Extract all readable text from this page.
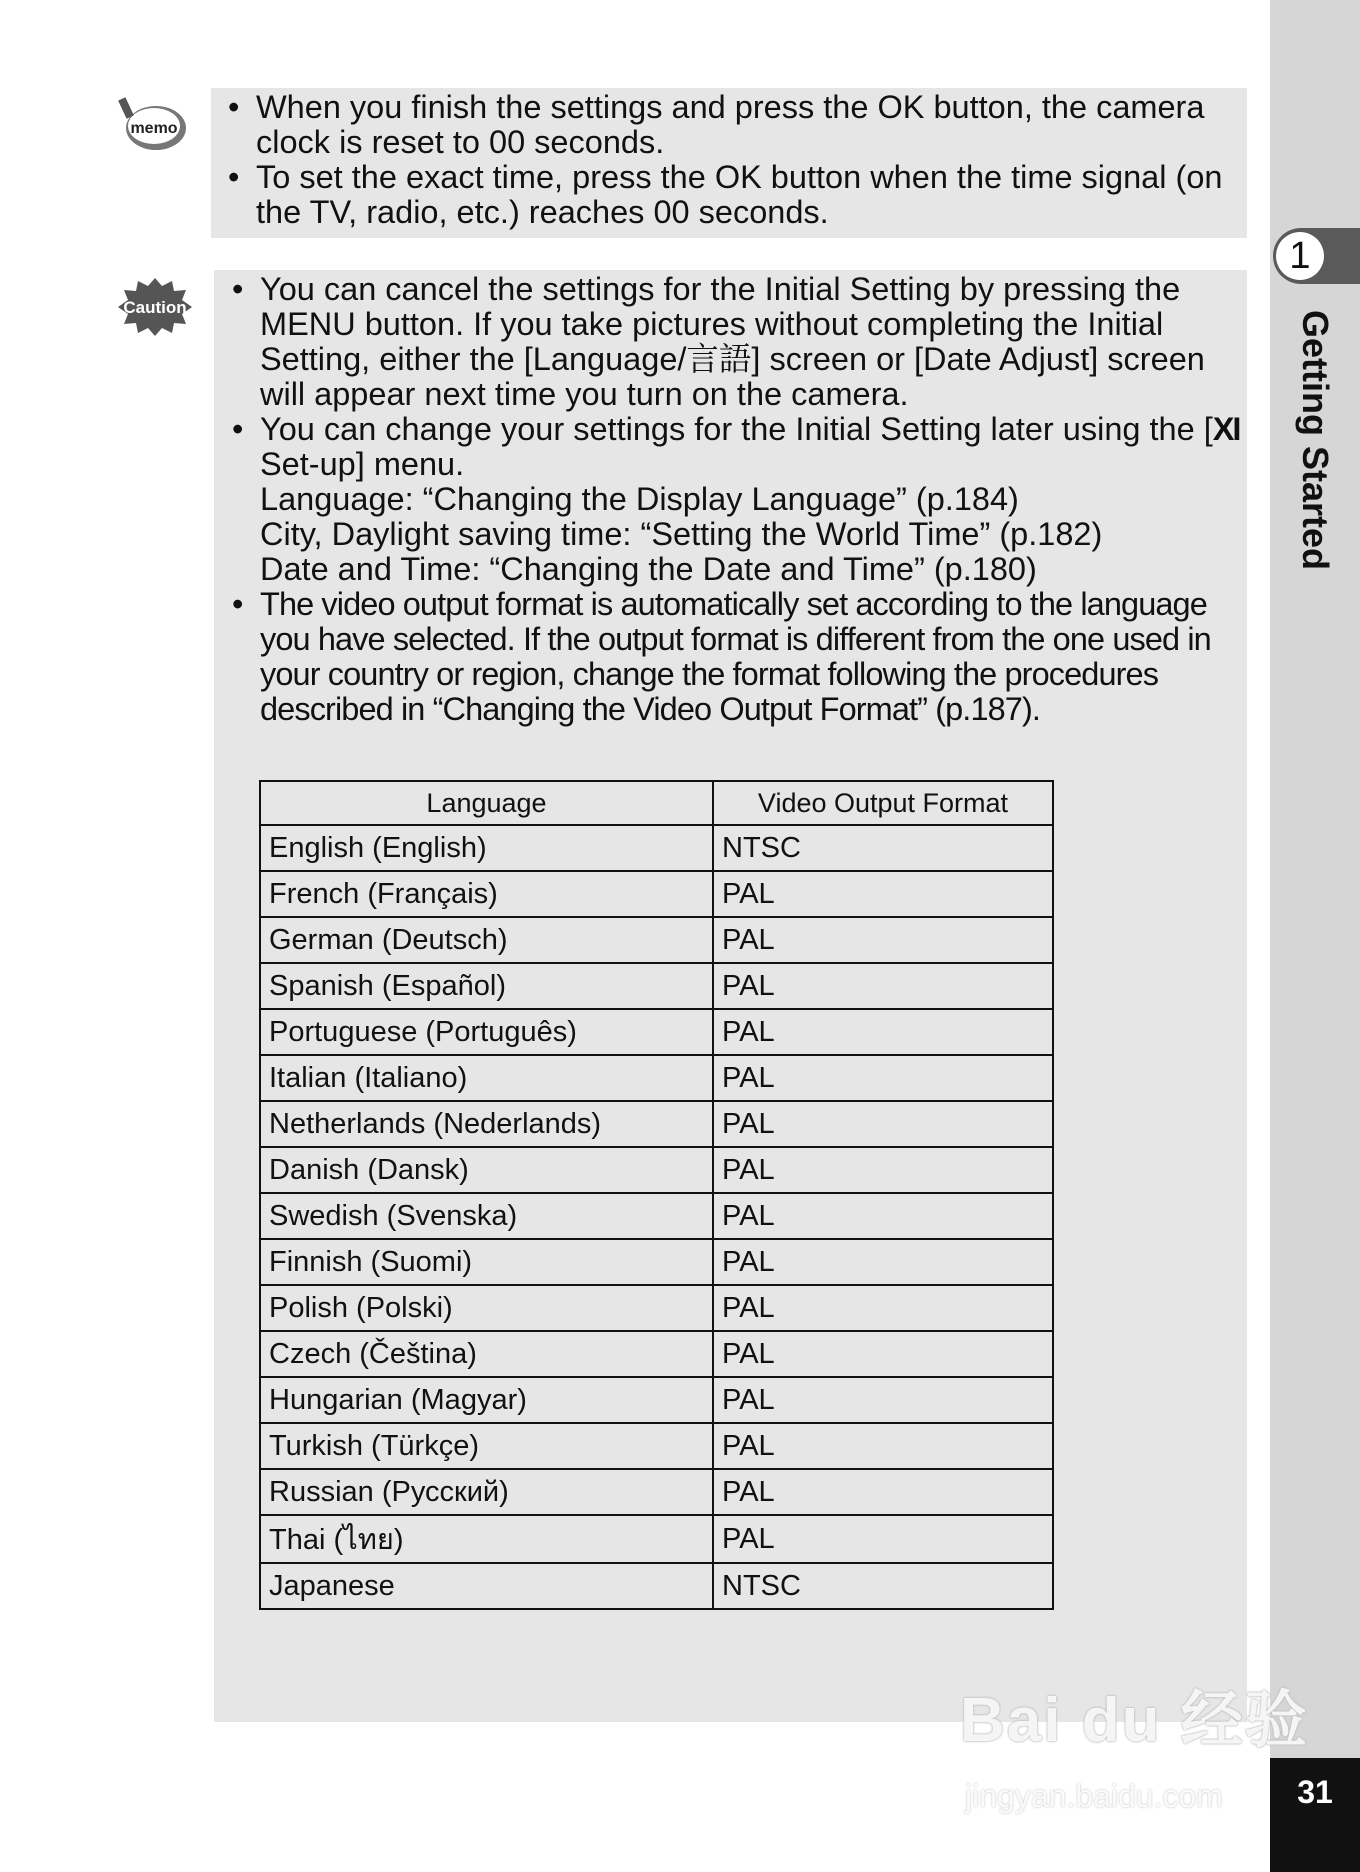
1
Getting Started
31
memo
• When you finish the settings and press the OK button, the camera clock is reset to 00 seconds.
• To set the exact time, press the OK button when the time signal (on the TV, radio, etc.) reaches 00 seconds.
Caution
• You can cancel the settings for the Initial Setting by pressing the MENU button. If you take pictures without completing the Initial Setting, either the [Language/言語] screen or [Date Adjust] screen will appear next time you turn on the camera.
• You can change your settings for the Initial Setting later using the [XI Set-up] menu.
Language: “Changing the Display Language” (p.184)
City, Daylight saving time: “Setting the World Time” (p.182)
Date and Time: “Changing the Date and Time” (p.180)
• The video output format is automatically set according to the language you have selected. If the output format is different from the one used in your country or region, change the format following the procedures described in “Changing the Video Output Format” (p.187).
Language	Video Output Format
English (English)	NTSC
French (Français)	PAL
German (Deutsch)	PAL
Spanish (Español)	PAL
Portuguese (Português)	PAL
Italian (Italiano)	PAL
Netherlands (Nederlands)	PAL
Danish (Dansk)	PAL
Swedish (Svenska)	PAL
Finnish (Suomi)	PAL
Polish (Polski)	PAL
Czech (Čeština)	PAL
Hungarian (Magyar)	PAL
Turkish (Türkçe)	PAL
Russian (Русский)	PAL
Thai (ไทย)	PAL
Japanese	NTSC
Bai du 经验
jingyan.baidu.com
